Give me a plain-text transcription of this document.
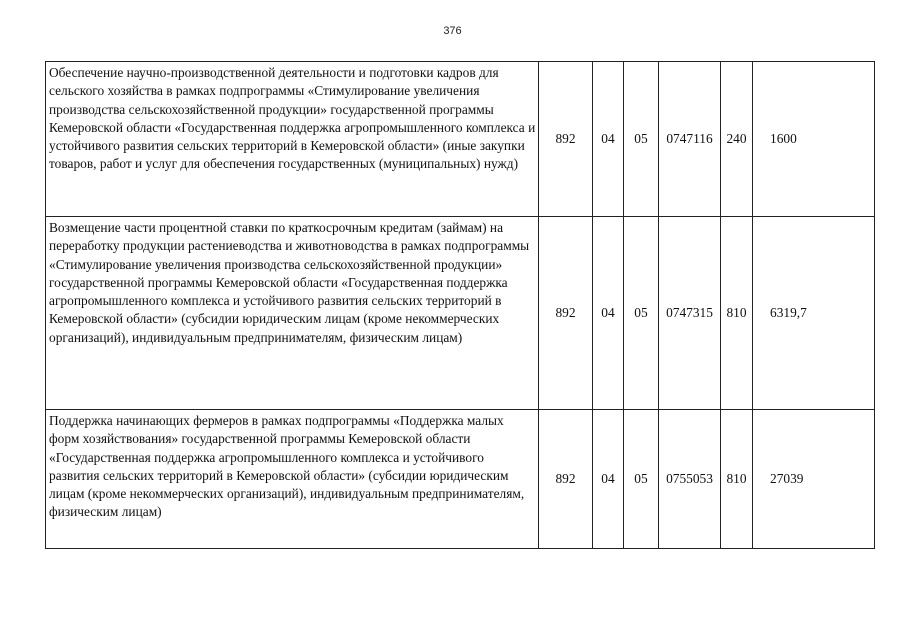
376
Обеспечение научно-производственной деятельности и подготовки кадров для сельского хозяйства в рамках подпрограммы «Стимулирование увеличения производства сельскохозяйственной продукции» государственной программы Кемеровской области «Государственная поддержка агропромышленного комплекса и устойчивого развития сельских территорий в Кемеровской области» (иные закупки товаров, работ и услуг для обеспечения государственных (муниципальных) нужд)	892	04	05	0747116	240	1600
Возмещение части процентной ставки по краткосрочным кредитам (займам) на переработку продукции растениеводства и животноводства в рамках подпрограммы «Стимулирование увеличения производства сельскохозяйственной продукции» государственной программы Кемеровской области «Государственная поддержка агропромышленного комплекса и устойчивого развития сельских территорий в Кемеровской области» (субсидии юридическим лицам (кроме некоммерческих организаций), индивидуальным предпринимателям, физическим лицам)	892	04	05	0747315	810	6319,7
Поддержка начинающих фермеров в рамках подпрограммы «Поддержка малых форм хозяйствования» государственной программы Кемеровской области «Государственная поддержка агропромышленного комплекса и устойчивого развития сельских территорий в Кемеровской области» (субсидии юридическим лицам (кроме некоммерческих организаций), индивидуальным предпринимателям, физическим лицам)	892	04	05	0755053	810	27039
